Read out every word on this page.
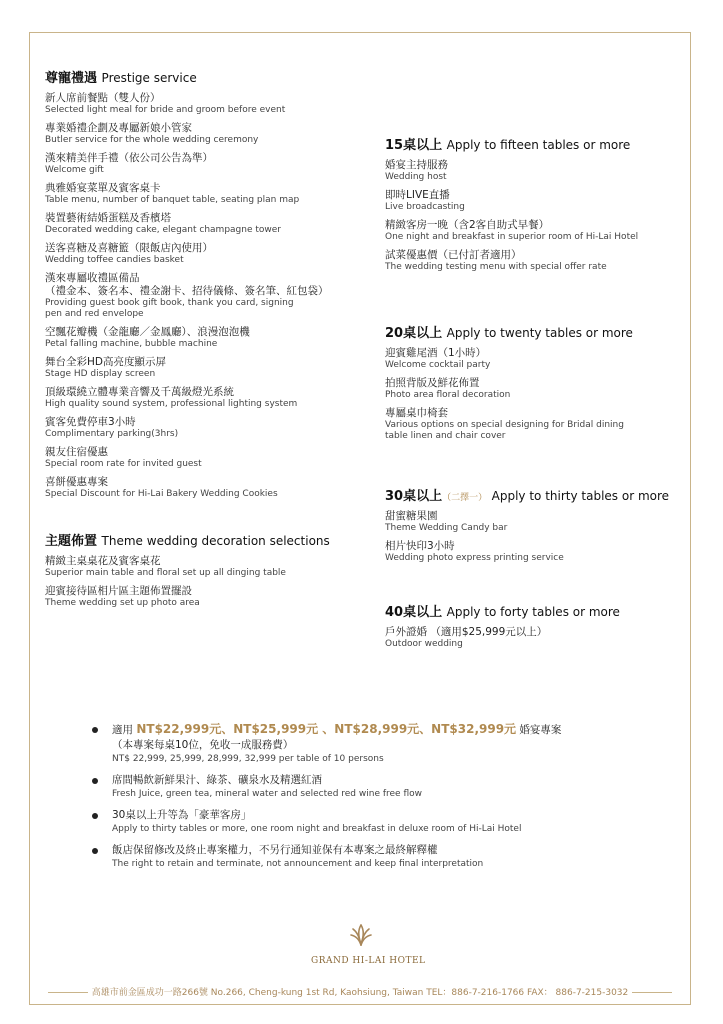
尊寵禮遇 Prestige service
新人席前餐點（雙人份）
Selected light meal for bride and groom before event
專業婚禮企劃及專屬新娘小管家
Butler service for the whole wedding ceremony
漢來精美伴手禮（依公司公告為準）
Welcome gift
典雅婚宴菜單及賓客桌卡
Table menu, number of banquet table, seating plan map
裝置藝術結婚蛋糕及香檳塔
Decorated wedding cake, elegant champagne tower
送客喜糖及喜糖籃（限飯店內使用）
Wedding toffee candies basket
漢來專屬收禮區備品
（禮金本、簽名本、禮金謝卡、招待儀條、簽名筆、紅包袋）
Providing guest book gift book, thank you card, signing
pen and red envelope
空飄花瓣機（金龍廳／金鳳廳）、浪漫泡泡機
Petal falling machine, bubble machine
舞台全彩HD高亮度顯示屏
Stage HD display screen
頂級環繞立體專業音響及千萬級燈光系統
High quality sound system, professional lighting system
賓客免費停車3小時
Complimentary parking(3hrs)
親友住宿優惠
Special room rate for invited guest
喜餅優惠專案
Special Discount for Hi-Lai Bakery Wedding Cookies
主題佈置 Theme wedding decoration selections
精緻主桌桌花及賓客桌花
Superior main table and floral set up all dinging table
迎賓接待區相片區主題佈置擺設
Theme wedding set up photo area
15桌以上 Apply to fifteen tables or more
婚宴主持服務
Wedding host
即時LIVE直播
Live broadcasting
精緻客房一晚（含2客自助式早餐）
One night and breakfast in superior room of Hi-Lai Hotel
試菜優惠價（已付訂者適用）
The wedding testing menu with special offer rate
20桌以上 Apply to twenty tables or more
迎賓雞尾酒（1小時）
Welcome cocktail party
拍照背版及鮮花佈置
Photo area floral decoration
專屬桌巾椅套
Various options on special designing for Bridal dining
table linen and chair cover
30桌以上（二擇一） Apply to thirty tables or more
甜蜜糖果園
Theme Wedding Candy bar
相片快印3小時
Wedding photo express printing service
40桌以上 Apply to forty tables or more
戶外證婚 （適用$25,999元以上）
Outdoor wedding
適用 NT$22,999元、NT$25,999元 、NT$28,999元、NT$32,999元 婚宴專案
（本專案每桌10位，免收一成服務費）
NT$ 22,999, 25,999, 28,999, 32,999 per table of 10 persons
席間暢飲新鮮果汁、綠茶、礦泉水及精選紅酒
Fresh Juice, green tea, mineral water and selected red wine free flow
30桌以上升等為「豪華客房」
Apply to thirty tables or more, one room night and breakfast in deluxe room of Hi-Lai Hotel
飯店保留修改及終止專案權力，不另行通知並保有本專案之最終解釋權
The right to retain and terminate, not announcement and keep final interpretation
GRAND HI-LAI HOTEL
高雄市前金區成功一路266號 No.266, Cheng-kung 1st Rd, Kaohsiung, Taiwan TEL：886-7-216-1766 FAX： 886-7-215-3032
